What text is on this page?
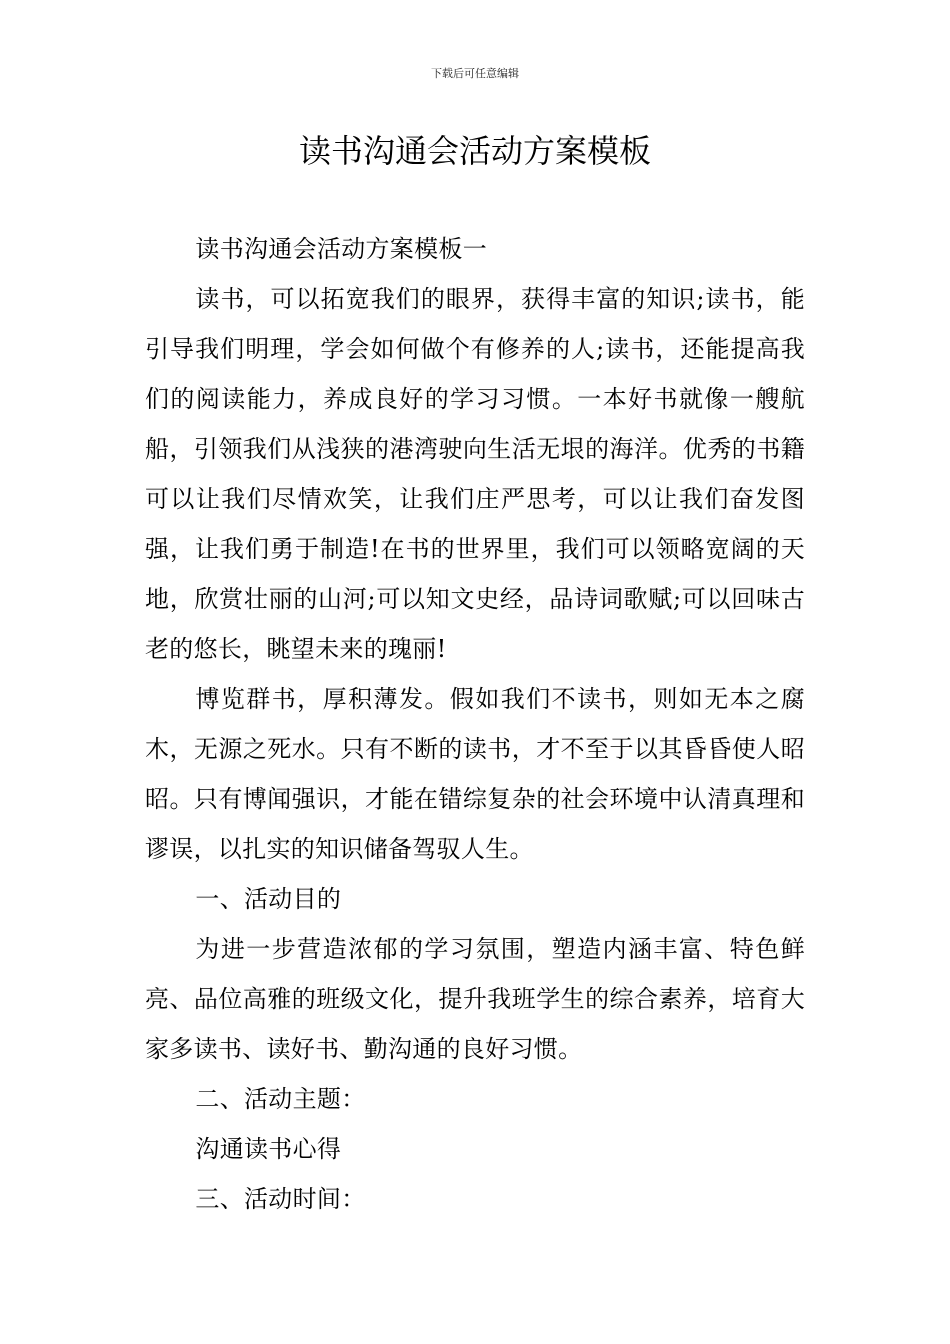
下载后可任意编辑
读书沟通会活动方案模板

读书沟通会活动方案模板一

读书，可以拓宽我们的眼界，获得丰富的知识;读书，能引导我们明理，学会如何做个有修养的人;读书，还能提高我们的阅读能力，养成良好的学习习惯。一本好书就像一艘航船，引领我们从浅狭的港湾驶向生活无垠的海洋。优秀的书籍可以让我们尽情欢笑，让我们庄严思考，可以让我们奋发图强，让我们勇于制造!在书的世界里，我们可以领略宽阔的天地，欣赏壮丽的山河;可以知文史经，品诗词歌赋;可以回味古老的悠长，眺望未来的瑰丽!

博览群书，厚积薄发。假如我们不读书，则如无本之腐木，无源之死水。只有不断的读书，才不至于以其昏昏使人昭昭。只有博闻强识，才能在错综复杂的社会环境中认清真理和谬误，以扎实的知识储备驾驭人生。

一、活动目的

为进一步营造浓郁的学习氛围，塑造内涵丰富、特色鲜亮、品位高雅的班级文化，提升我班学生的综合素养，培育大家多读书、读好书、勤沟通的良好习惯。

二、活动主题：

沟通读书心得

三、活动时间：
